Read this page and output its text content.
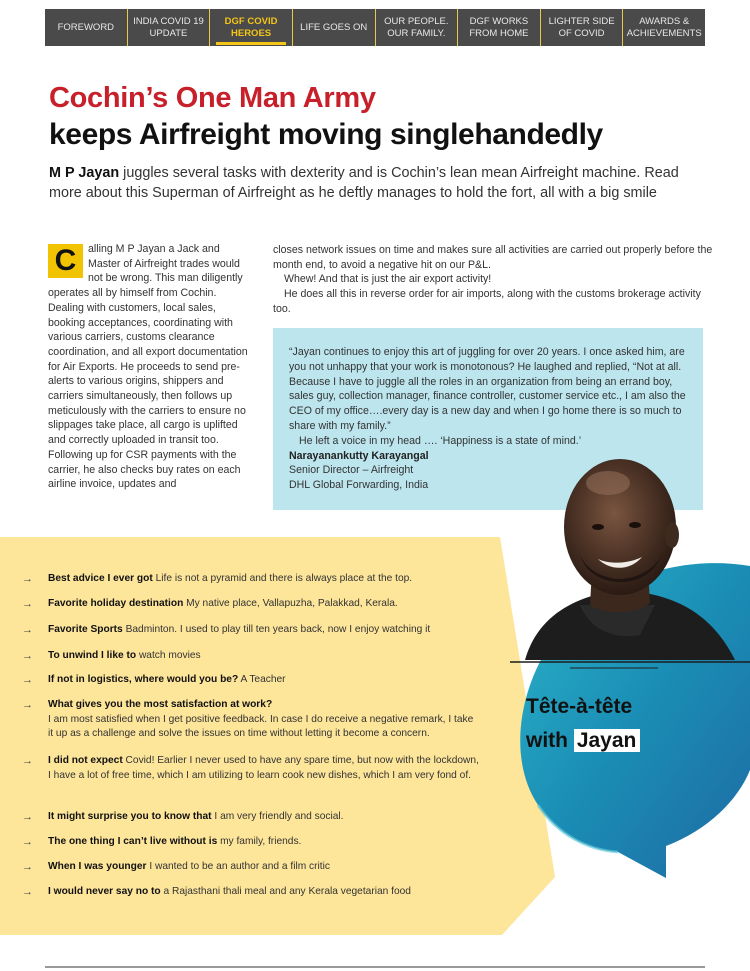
FOREWORD
INDIA COVID 19 UPDATE
DGF COVID HEROES
LIFE GOES ON
OUR PEOPLE. OUR FAMILY.
DGF WORKS FROM HOME
LIGHTER SIDE OF COVID
AWARDS & ACHIEVEMENTS
Cochin’s One Man Army
keeps Airfreight moving singlehandedly
M P Jayan juggles several tasks with dexterity and is Cochin’s lean mean Airfreight machine. Read more about this Superman of Airfreight as he deftly manages to hold the fort, all with a big smile
C	alling M P Jayan a Jack and Master of Airfreight trades would not be wrong. This man diligently operates all by himself from Cochin. Dealing with customers, local sales, booking acceptances, coordinating with various carriers, customs clearance coordination, and all export documentation for Air Exports. He proceeds to send pre-alerts to various origins, shippers and carriers simultaneously, then follows up meticulously with the carriers to ensure no slippages take place, all cargo is uplifted and correctly uploaded in transit too. Following up for CSR payments with the carrier, he also checks buy rates on each airline invoice, updates and

closes network issues on time and makes sure all activities are carried out properly before the month end, to avoid a negative hit on our P&L.

Whew! And that is just the air export activity!

He does all this in reverse order for air imports, along with the customs brokerage activity too.

“Jayan continues to enjoy this art of juggling for over 20 years. I once asked him, are you not unhappy that your work is monotonous? He laughed and replied, “Not at all. Because I have to juggle all the roles in an organization from being an errand boy, sales guy, collection manager, finance controller, customer service etc., I am also the CEO of my office….every day is a new day and when I go home there is so much to share with my family.”
He left a voice in my head …. ‘Happiness is a state of mind.’
Narayanankutty Karayangal
Senior Director – Airfreight
DHL Global Forwarding, India
Tête-à-tête
with Jayan
→ Best advice I ever got Life is not a pyramid and there is always place at the top.
→ Favorite holiday destination My native place, Vallapuzha, Palakkad, Kerala.
→ Favorite Sports Badminton. I used to play till ten years back, now I enjoy watching it
→ To unwind I like to watch movies
→ If not in logistics, where would you be? A Teacher
→ What gives you the most satisfaction at work?
I am most satisfied when I get positive feedback. In case I do receive a negative remark, I take it up as a challenge and solve the issues on time without letting it become a concern.
→ I did not expect Covid! Earlier I never used to have any spare time, but now with the lockdown, I have a lot of free time, which I am utilizing to learn cook new dishes, which I am very fond of.
→ It might surprise you to know that I am very friendly and social.
→ The one thing I can’t live without is my family, friends.
→ When I was younger I wanted to be an author and a film critic
→ I would never say no to a Rajasthani thali meal and any Kerala vegetarian food
